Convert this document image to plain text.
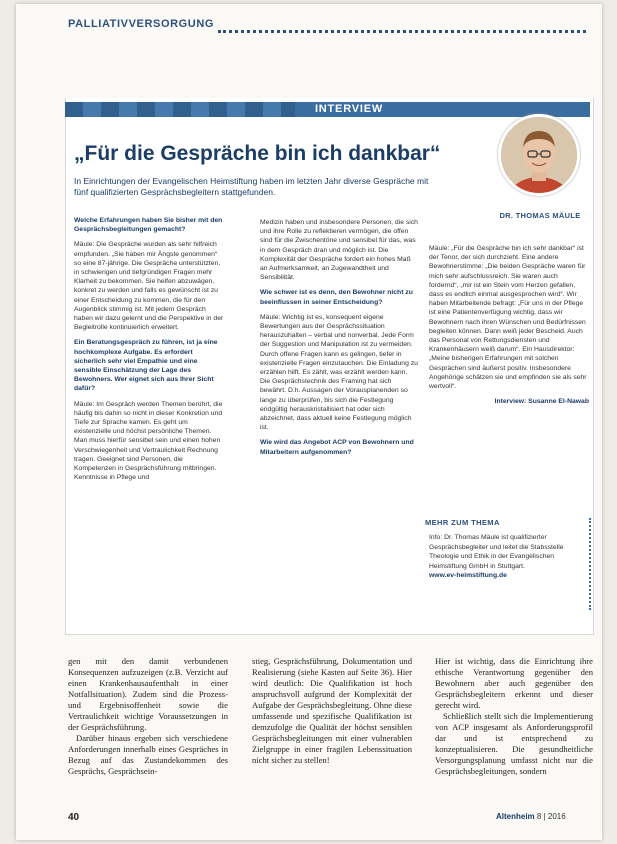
PALLIATIVVERSORGUNG
INTERVIEW
„Für die Gespräche bin ich dankbar“
In Einrichtungen der Evangelischen Heimstiftung haben im letzten Jahr diverse Gespräche mit fünf qualifizierten Gesprächsbegleitern stattgefunden.
DR. THOMAS MÄULE

Welche Erfahrungen haben Sie bisher mit den Gesprächsbegleitungen gemacht?

Mäule: Die Gespräche wurden als sehr hilfreich empfunden. „Sie haben mir Ängste genommen“ so eine 87-jährige. Die Gespräche unterstützten, in schwierigen und tiefgründigen Fragen mehr Klarheit zu bekommen. Sie helfen abzuwägen, konkret zu werden und falls es gewünscht ist zu einer Entscheidung zu kommen, die für den Augenblick stimmig ist. Mit jedem Gespräch haben wir dazu gelernt und die Perspektive in der Begleitrolle kontinuierlich erweitert.

Ein Beratungsgespräch zu führen, ist ja eine hochkomplexe Aufgabe. Es erfordert sicherlich sehr viel Empathie und eine sensible Einschätzung der Lage des Bewohners. Wer eignet sich aus Ihrer Sicht dafür?

Mäule: Im Gespräch werden Themen berührt, die häufig bis dahin so nicht in dieser Konkretion und Tiefe zur Sprache kamen. Es geht um existenzielle und höchst persönliche Themen. Man muss hierfür sensibel sein und einen hohen Verschwiegenheit und Vertraulichkeit Rechnung tragen. Geeignet sind Personen, die Kompetenzen in Gesprächsführung mitbringen. Kenntnisse in Pflege und

Medizin haben und insbesondere Personen, die sich und ihre Rolle zu reflektieren vermögen, die offen sind für die Zwischentöne und sensibel für das, was in dem Gespräch dran und möglich ist. Die Komplexität der Gespräche fordert ein hohes Maß an Aufmerksamkeit, an Zugewandtheit und Sensibilität.

Wie schwer ist es denn, den Bewohner nicht zu beeinflussen in seiner Entscheidung?

Mäule: Wichtig ist es, konsequent eigene Bewertungen aus der Gesprächssituation herauszuhalten – verbal und nonverbal. Jede Form der Suggestion und Manipulation ist zu vermeiden. Durch offene Fragen kann es gelingen, tiefer in existenzielle Fragen einzutauchen. Die Einladung zu erzählen hilft. Es zählt, was erzählt werden kann. Die Gesprächstechnik des Framing hat sich bewährt. D.h. Aussagen der Vorausplanenden so lange zu überprüfen, bis sich die Festlegung endgültig herauskristallisiert hat oder sich abzeichnet, dass aktuell keine Festlegung möglich ist.

Wie wird das Angebot ACP von Bewohnern und Mitarbeitern aufgenommen?

Mäule: „Für die Gespräche bin ich sehr dankbar“ ist der Tenor, der sich durchzieht. Eine andere Bewohnerstimme: „Die beiden Gespräche waren für mich sehr aufschlussreich. Sie waren auch fordernd“, „mir ist ein Stein vom Herzen gefallen, dass es endlich einmal ausgesprochen wird“. Wir haben Mitarbeitende befragt: „Für uns in der Pflege ist eine Patientenverfügung wichtig, dass wir Bewohnern nach ihren Wünschen und Bedürfnissen begleiten können. Dann weiß jeder Bescheid. Auch das Personal von Rettungsdiensten und Krankenhäusern weiß darum“. Ein Hausdirektor: „Meine bisherigen Erfahrungen mit solchen Gesprächen sind äußerst positiv. Insbesondere Angehörige schätzen sie und empfinden sie als sehr wertvoll“.

Interview: Susanne El-Nawab
MEHR ZUM THEMA
Info: Dr. Thomas Mäule ist qualifizierter Gesprächsbegleiter und leitet die Stabsstelle Theologie und Ethik in der Evangelischen Heimstiftung GmbH in Stuttgart.
www.ev-heimstiftung.de

gen mit den damit verbundenen Konsequenzen aufzuzeigen (z.B. Verzicht auf einen Krankenhausaufenthalt in einer Notfallsituation). Zudem sind die Prozess- und Ergebnisoffenheit sowie die Vertraulichkeit wichtige Voraussetzungen in der Gesprächsführung.

Darüber hinaus ergeben sich verschiedene Anforderungen innerhalb eines Gespräches in Bezug auf das Zustandekommen des Gesprächs, Gesprächsein-

stieg, Gesprächsführung, Dokumentation und Realisierung (siehe Kasten auf Seite 36). Hier wird deutlich: Die Qualifikation ist hoch anspruchsvoll aufgrund der Komplexität der Aufgabe der Gesprächsbegleitung. Ohne diese umfassende und spezifische Qualifikation ist demzufolge die Qualität der höchst sensiblen Gesprächsbegleitungen mit einer vulnerablen Zielgruppe in einer fragilen Lebenssituation nicht sicher zu stellen!

Hier ist wichtig, dass die Einrichtung ihre ethische Verantwortung gegenüber den Bewohnern aber auch gegenüber den Gesprächsbegleitern erkennt und dieser gerecht wird.

Schließlich stellt sich die Implementierung von ACP insgesamt als Anforderungsprofil dar und ist entsprechend zu konzeptualisieren. Die gesundheitliche Versorgungsplanung umfasst nicht nur die Gesprächsbegleitungen, sondern

40	Altenheim 8 | 2016
